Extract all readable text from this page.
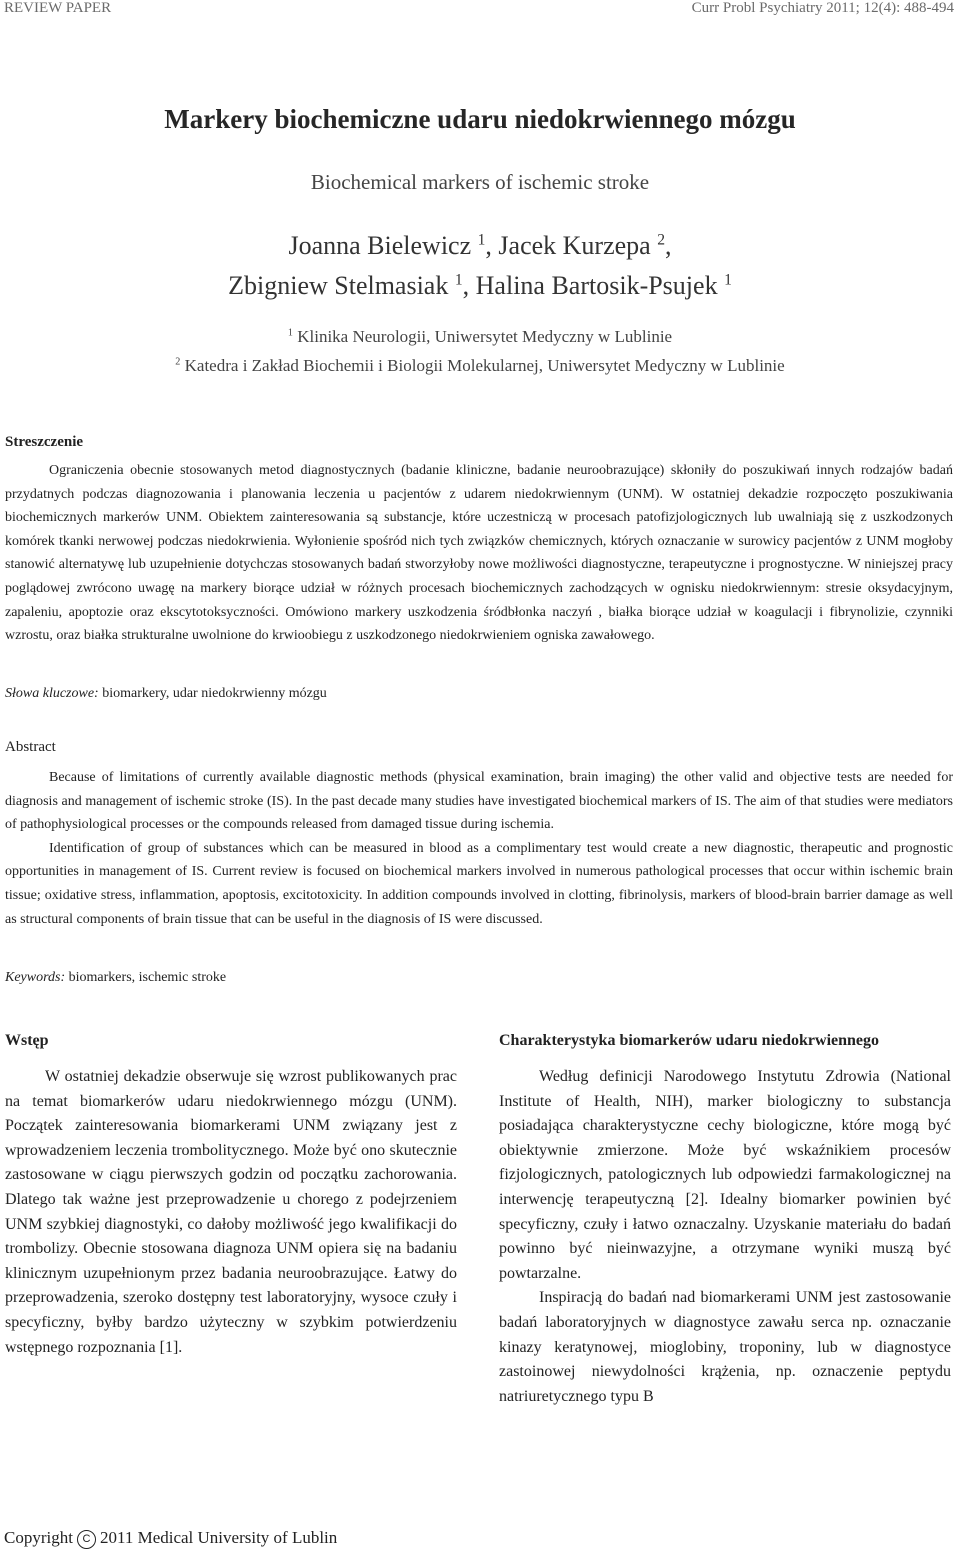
REVIEW PAPER	Curr Probl Psychiatry 2011; 12(4): 488-494
Markery biochemiczne udaru niedokrwiennego mózgu
Biochemical markers of ischemic stroke
Joanna Bielewicz $^1$, Jacek Kurzepa $^2$,
Zbigniew Stelmasiak $^1$, Halina Bartosik-Psujek $^1$
$^1$ Klinika Neurologii, Uniwersytet Medyczny w Lublinie
$^2$ Katedra i Zakład Biochemii i Biologii Molekularnej, Uniwersytet Medyczny w Lublinie
Streszczenie

Ograniczenia obecnie stosowanych metod diagnostycznych (badanie kliniczne, badanie neuroobrazujące) skłoniły do poszukiwań innych rodzajów badań przydatnych podczas diagnozowania i planowania leczenia u pacjentów z udarem niedokrwiennym (UNM). W ostatniej dekadzie rozpoczęto poszukiwania biochemicznych markerów UNM. Obiektem zainteresowania są substancje, które uczestniczą w procesach patofizjologicznych lub uwalniają się z uszkodzonych komórek tkanki nerwowej podczas niedokrwienia. Wyłonienie spośród nich tych związków chemicznych, których oznaczanie w surowicy pacjentów z UNM mogłoby stanowić alternatywę lub uzupełnienie dotychczas stosowanych badań stworzyłoby nowe możliwości diagnostyczne, terapeutyczne i prognostyczne. W niniejszej pracy poglądowej zwrócono uwagę na markery biorące udział w różnych procesach biochemicznych zachodzących w ognisku niedokrwiennym: stresie oksydacyjnym, zapaleniu, apoptozie oraz ekscytotoksyczności. Omówiono markery uszkodzenia śródbłonka naczyń , białka biorące udział w koagulacji i fibrynolizie, czynniki wzrostu, oraz białka strukturalne uwolnione do krwioobiegu z uszkodzonego niedokrwieniem ogniska zawałowego.

Słowa kluczowe: biomarkery, udar niedokrwienny mózgu
Abstract

Because of limitations of currently available diagnostic methods (physical examination, brain imaging) the other valid and objective tests are needed for diagnosis and management of ischemic stroke (IS). In the past decade many studies have investigated biochemical markers of IS. The aim of that studies were mediators of pathophysiological processes or the compounds released from damaged tissue during ischemia.

Identification of group of substances which can be measured in blood as a complimentary test would create a new diagnostic, therapeutic and prognostic opportunities in management of IS. Current review is focused on biochemical markers involved in numerous pathological processes that occur within ischemic brain tissue; oxidative stress, inflammation, apoptosis, excitotoxicity. In addition compounds involved in clotting, fibrinolysis, markers of blood-brain barrier damage as well as structural components of brain tissue that can be useful in the diagnosis of IS were discussed.

Keywords: biomarkers, ischemic stroke
Wstęp

W ostatniej dekadzie obserwuje się wzrost publikowanych prac na temat biomarkerów udaru niedokrwiennego mózgu (UNM). Początek zainteresowania biomarkerami UNM związany jest z wprowadzeniem leczenia trombolitycznego. Może być ono skutecznie zastosowane w ciągu pierwszych godzin od początku zachorowania. Dlatego tak ważne jest przeprowadzenie u chorego z podejrzeniem UNM szybkiej diagnostyki, co dałoby możliwość jego kwalifikacji do trombolizy. Obecnie stosowana diagnoza UNM opiera się na badaniu klinicznym uzupełnionym przez badania neuroobrazujące. Łatwy do przeprowadzenia, szeroko dostępny test laboratoryjny, wysoce czuły i specyficzny, byłby bardzo użyteczny w szybkim potwierdzeniu wstępnego rozpoznania [1].

Charakterystyka biomarkerów udaru niedokrwiennego

Według definicji Narodowego Instytutu Zdrowia (National Institute of Health, NIH), marker biologiczny to substancja posiadająca charakterystyczne cechy biologiczne, które mogą być obiektywnie zmierzone. Może być wskaźnikiem procesów fizjologicznych, patologicznych lub odpowiedzi farmakologicznej na interwencję terapeutyczną [2]. Idealny biomarker powinien być specyficzny, czuły i łatwo oznaczalny. Uzyskanie materiału do badań powinno być nieinwazyjne, a otrzymane wyniki muszą być powtarzalne.

Inspiracją do badań nad biomarkerami UNM jest zastosowanie badań laboratoryjnych w diagnostyce zawału serca np. oznaczanie kinazy keratynowej, mioglobiny, troponiny, lub w diagnostyce zastoinowej niewydolności krążenia, np. oznaczenie peptydu natriuretycznego typu B

Copyright C 2011 Medical University of Lublin
